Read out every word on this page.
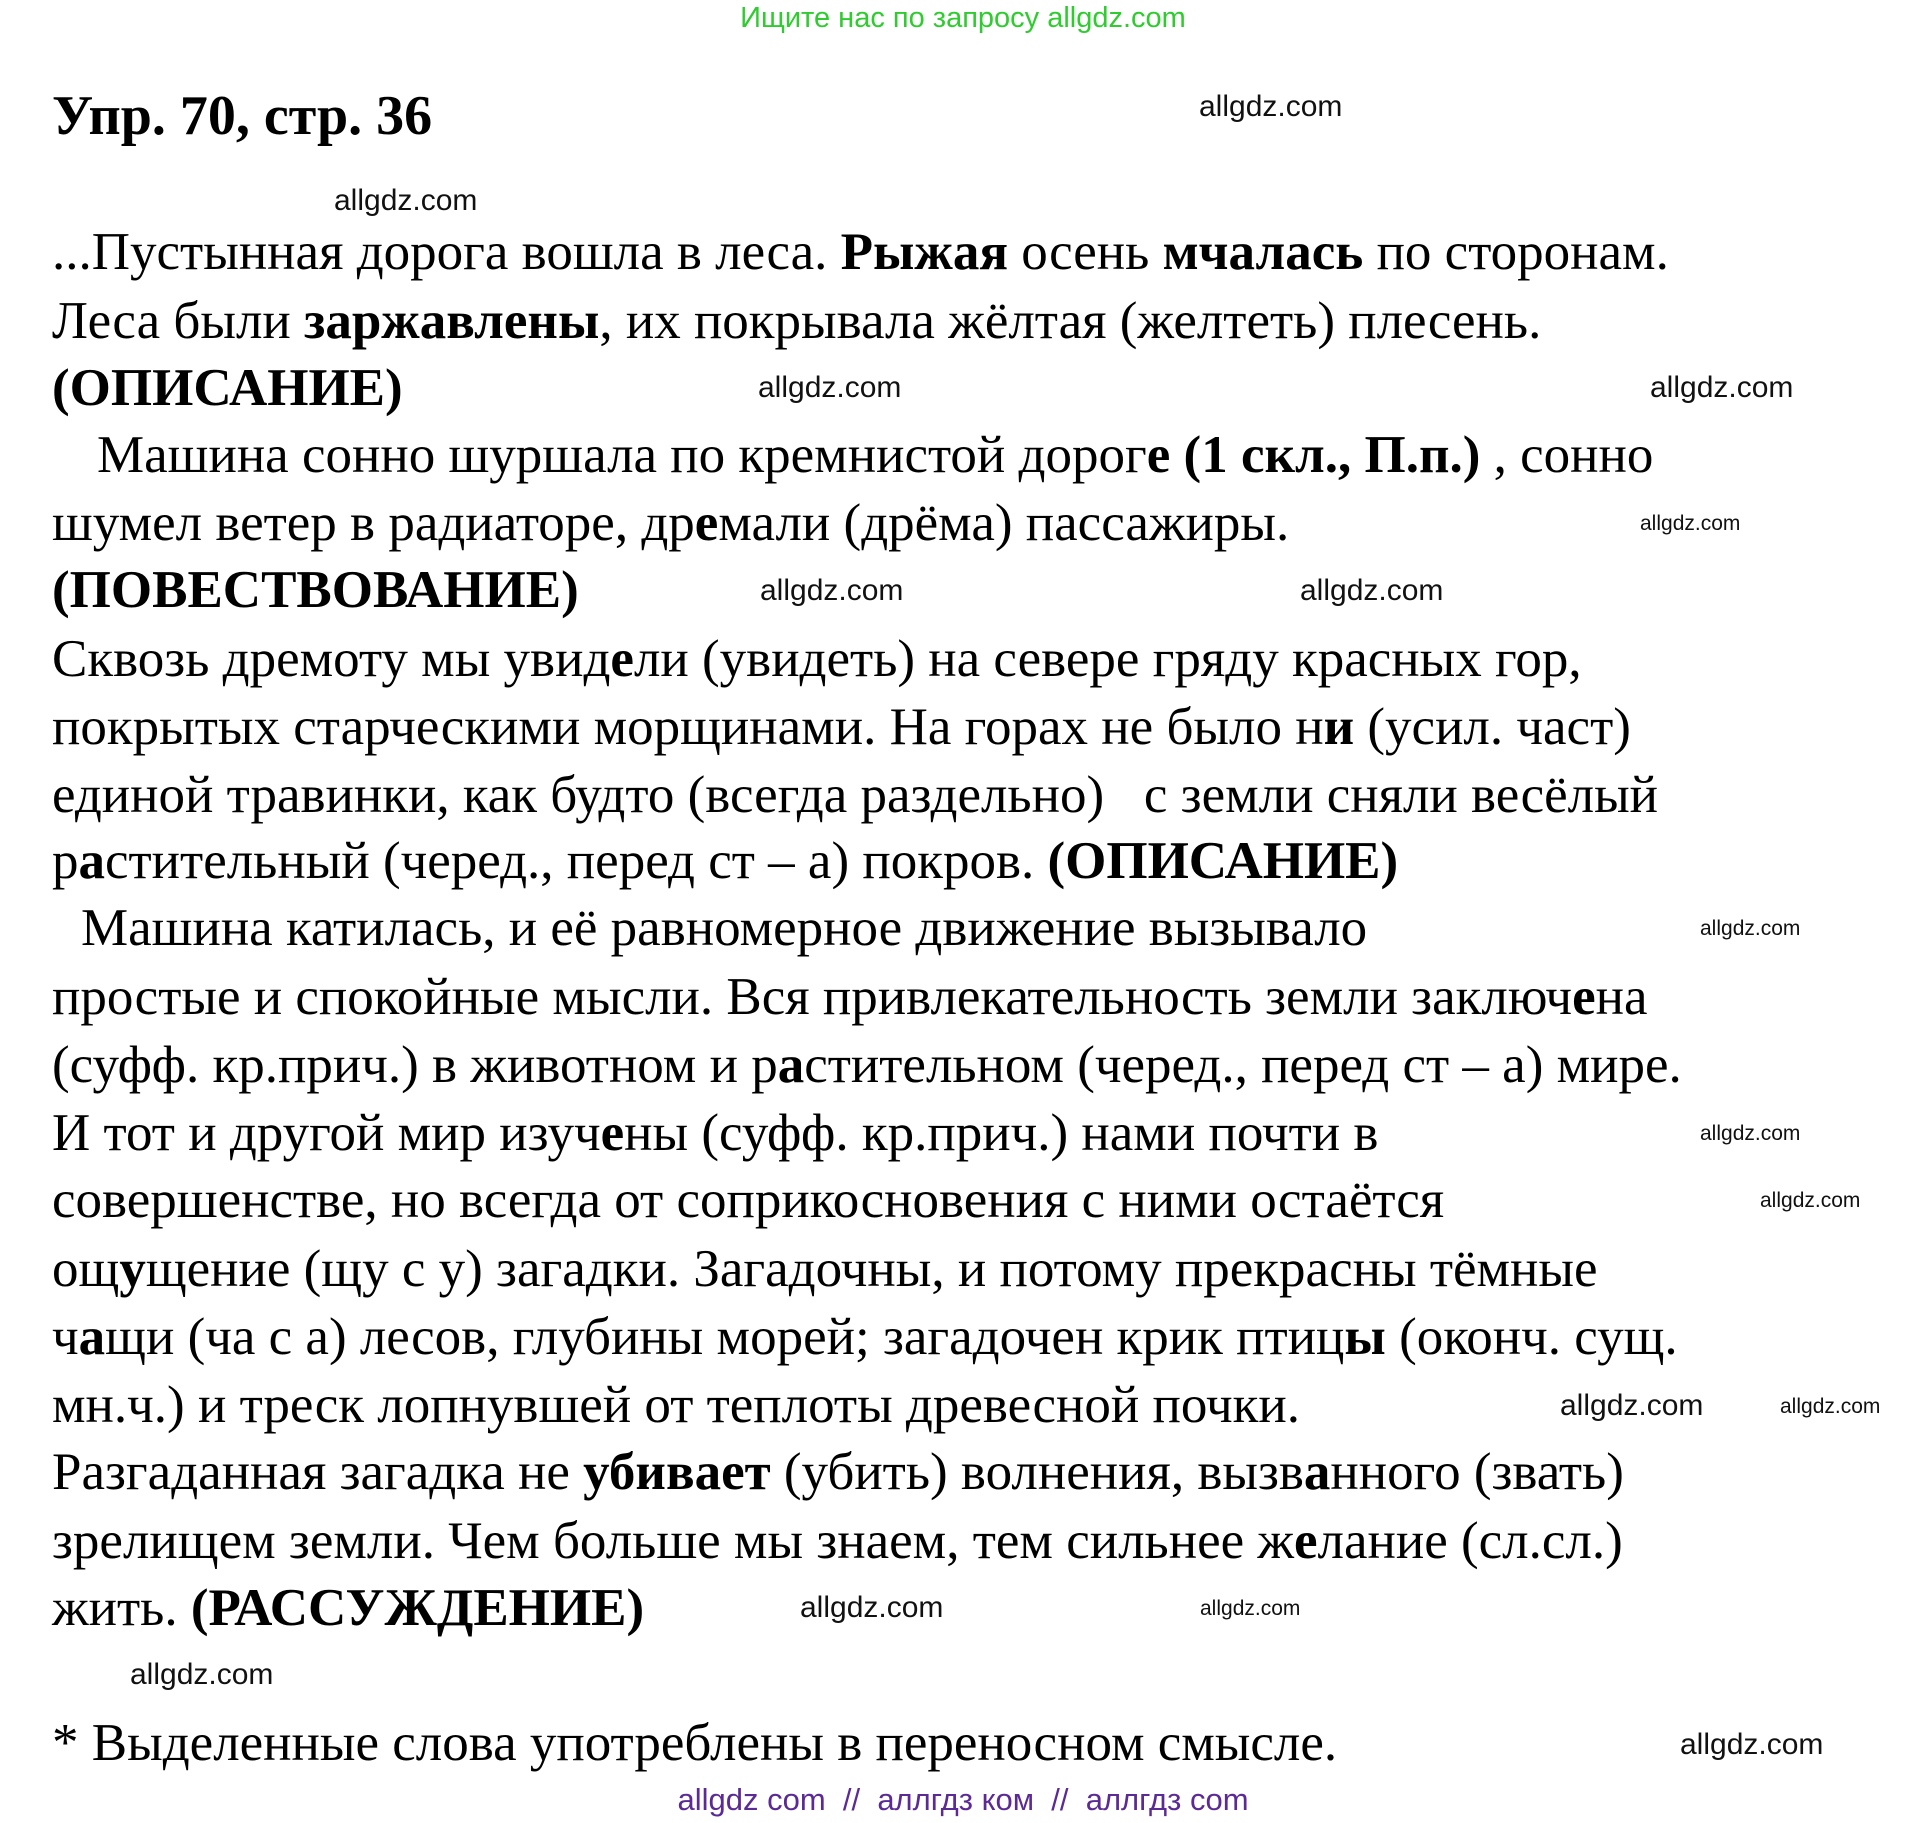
Ищите нас по запросу allgdz.com
Упр. 70, стр. 36
...Пустынная дорога вошла в леса. Рыжая осень мчалась по сторонам.
Леса были заржавлены, их покрывала жёлтая (желтеть) плесень.
(ОПИСАНИЕ)
Машина сонно шуршала по кремнистой дороге (1 скл., П.п.) , сонно
шумел ветер в радиаторе, дремали (дрёма) пассажиры.
(ПОВЕСТВОВАНИЕ)
Сквозь дремоту мы увидели (увидеть) на севере гряду красных гор,
покрытых старческими морщинами. На горах не было ни (усил. част)
единой травинки, как будто (всегда раздельно)   с земли сняли весёлый
растительный (черед., перед ст – а) покров. (ОПИСАНИЕ)
Машина катилась, и её равномерное движение вызывало
простые и спокойные мысли. Вся привлекательность земли заключена
(суфф. кр.прич.) в животном и растительном (черед., перед ст – а) мире.
И тот и другой мир изучены (суфф. кр.прич.) нами почти в
совершенстве, но всегда от соприкосновения с ними остаётся
ощущение (щу с у) загадки. Загадочны, и потому прекрасны тёмные
чащи (ча с а) лесов, глубины морей; загадочен крик птицы (оконч. сущ.
мн.ч.) и треск лопнувшей от теплоты древесной почки.
Разгаданная загадка не убивает (убить) волнения, вызванного (звать)
зрелищем земли. Чем больше мы знаем, тем сильнее желание (сл.сл.)
жить. (РАССУЖДЕНИЕ)
* Выделенные слова употреблены в переносном смысле.
allgdz.com
allgdz.com
allgdz.com
allgdz.com
allgdz.com
allgdz.com
allgdz.com
allgdz.com
allgdz.com
allgdz.com
allgdz.com
allgdz.com
allgdz.com
allgdz.com
allgdz.com
allgdz.com
allgdz com  //  аллгдз ком  //  аллгдз com
